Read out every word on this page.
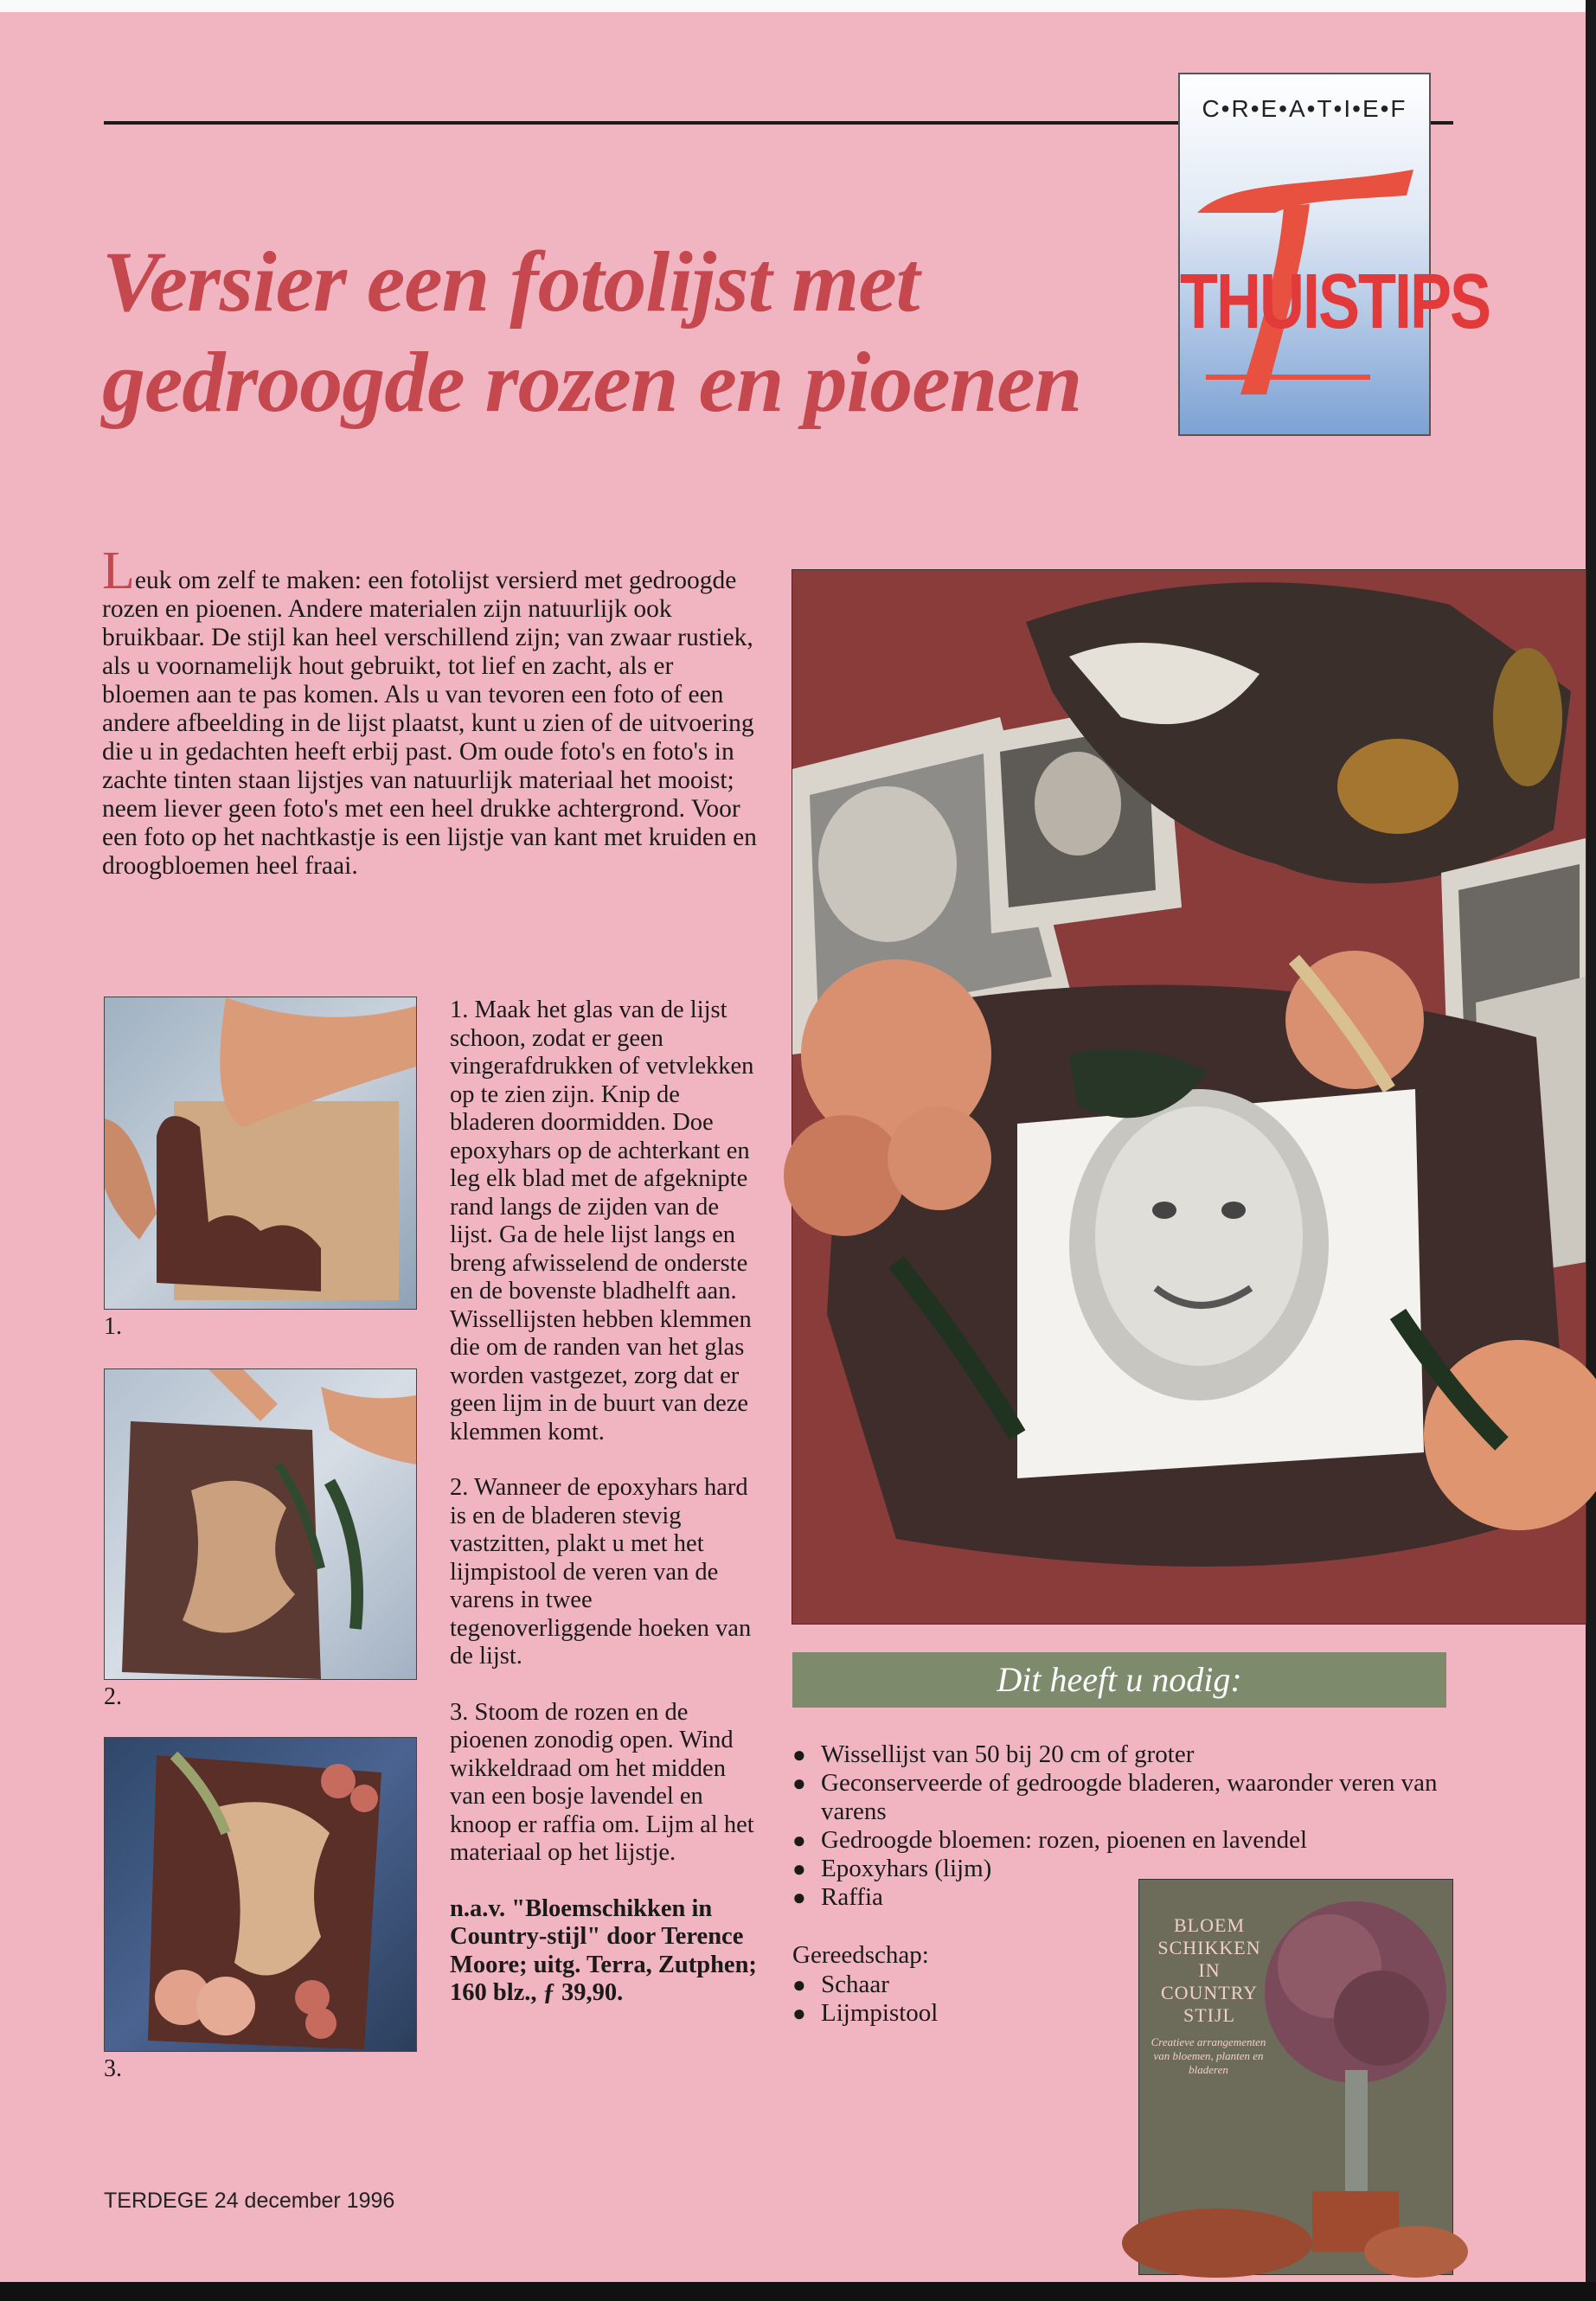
C•R•E•A•T•I•E•F
THUISTIPS
Versier een fotolijst met
gedroogde rozen en pioenen

Leuk om zelf te maken: een fotolijst versierd met gedroogde rozen en pioenen. Andere materialen zijn natuurlijk ook bruikbaar. De stijl kan heel verschillend zijn; van zwaar rustiek, als u voornamelijk hout gebruikt, tot lief en zacht, als er bloemen aan te pas komen. Als u van tevoren een foto of een andere afbeelding in de lijst plaatst, kunt u zien of de uitvoering die u in gedachten heeft erbij past. Om oude foto's en foto's in zachte tinten staan lijstjes van natuurlijk materiaal het mooist; neem liever geen foto's met een heel drukke achtergrond. Voor een foto op het nachtkastje is een lijstje van kant met kruiden en droogbloemen heel fraai.

1.
2.
3.

1. Maak het glas van de lijst schoon, zodat er geen vingerafdrukken of vetvlekken op te zien zijn. Knip de bladeren doormidden. Doe epoxyhars op de achterkant en leg elk blad met de afgeknipte rand langs de zijden van de lijst. Ga de hele lijst langs en breng afwisselend de onderste en de bovenste bladhelft aan. Wissellijsten hebben klemmen die om de randen van het glas worden vastgezet, zorg dat er geen lijm in de buurt van deze klemmen komt.

2. Wanneer de epoxyhars hard is en de bladeren stevig vastzitten, plakt u met het lijmpistool de veren van de varens in twee tegenoverliggende hoeken van de lijst.

3. Stoom de rozen en de pioenen zonodig open. Wind wikkeldraad om het midden van een bosje lavendel en knoop er raffia om. Lijm al het materiaal op het lijstje.

n.a.v. "Bloemschikken in Country-stijl" door Terence Moore; uitg. Terra, Zutphen; 160 blz., ƒ 39,90.

Dit heeft u nodig:
● Wissellijst van 50 bij 20 cm of groter
● Geconserveerde of gedroogde bladeren, waaronder veren van varens
● Gedroogde bloemen: rozen, pioenen en lavendel
● Epoxyhars (lijm)
● Raffia
Gereedschap:
● Schaar
● Lijmpistool
BLOEM
SCHIKKEN
IN
COUNTRY
STIJL
Creatieve arrangementen van bloemen, planten en bladeren
TERDEGE 24 december 1996
